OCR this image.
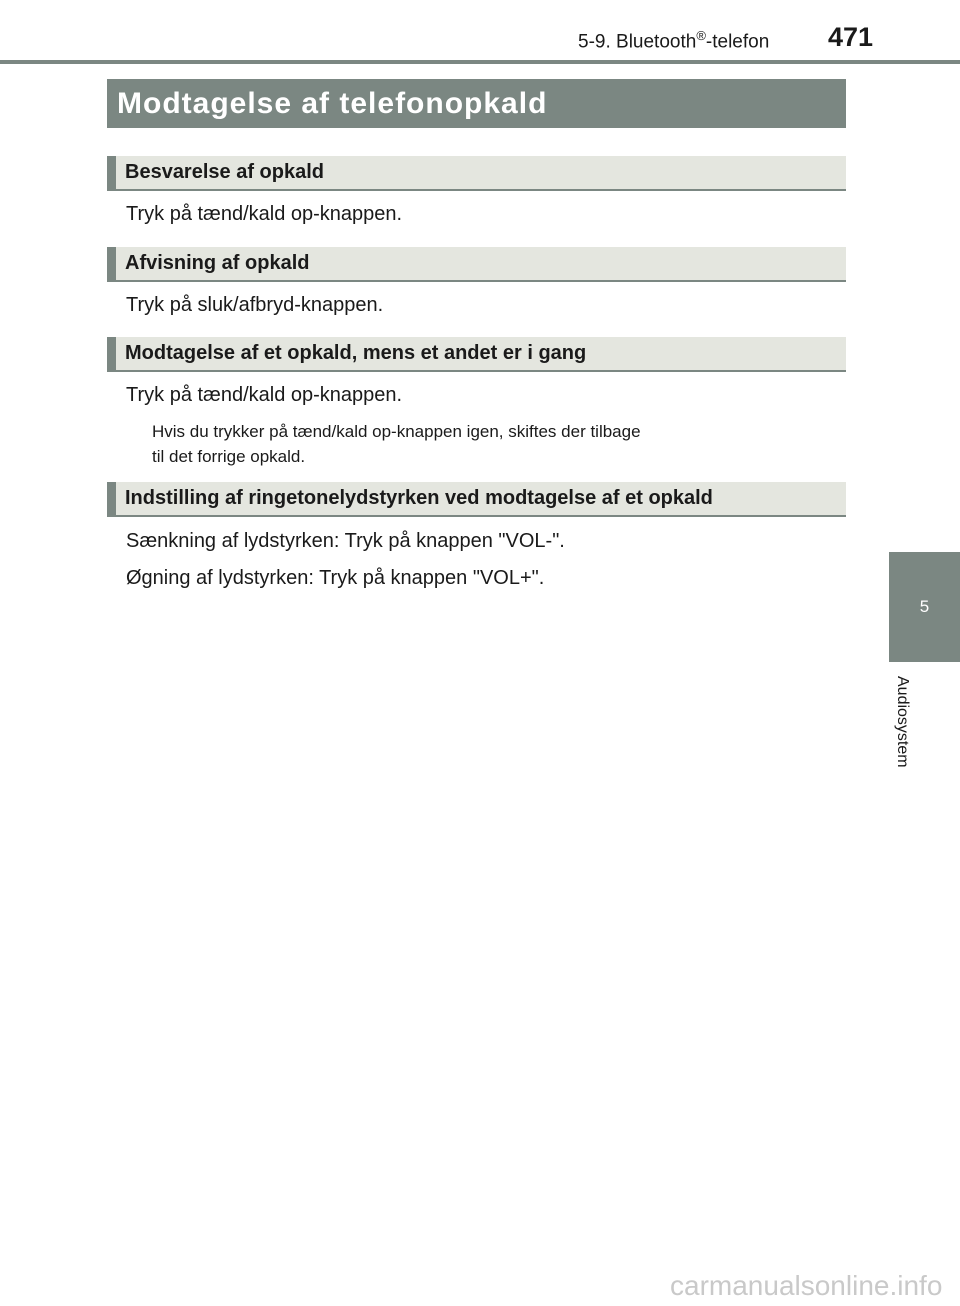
5-9. Bluetooth®-telefon 471
5
Audiosystem
Modtagelse af telefonopkald
Besvarelse af opkald
Tryk på tænd/kald op-knappen.
Afvisning af opkald
Tryk på sluk/afbryd-knappen.
Modtagelse af et opkald, mens et andet er i gang
Tryk på tænd/kald op-knappen.
Hvis du trykker på tænd/kald op-knappen igen, skiftes der tilbage
til det forrige opkald.
Indstilling af ringetonelydstyrken ved modtagelse af et opkald
Sænkning af lydstyrken: Tryk på knappen "VOL-".
Øgning af lydstyrken: Tryk på knappen "VOL+".
carmanualsonline.info
